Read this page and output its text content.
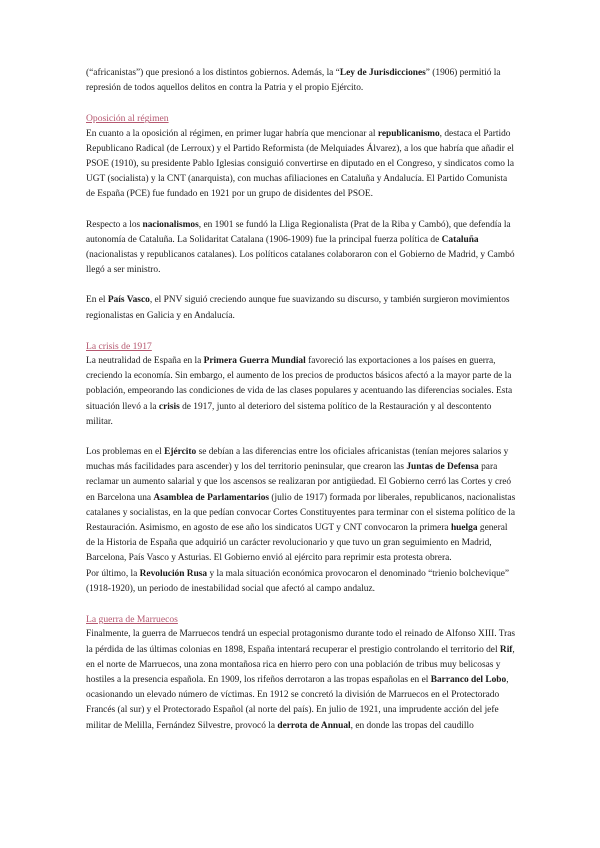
(“africanistas”) que presionó a los distintos gobiernos. Además, la “Ley de Jurisdicciones” (1906) permitió la represión de todos aquellos delitos en contra la Patria y el propio Ejército.

Oposición al régimen

En cuanto a la oposición al régimen, en primer lugar habría que mencionar al republicanismo, destaca el Partido Republicano Radical (de Lerroux) y el Partido Reformista (de Melquiades Álvarez), a los que habría que añadir el PSOE (1910), su presidente Pablo Iglesias consiguió convertirse en diputado en el Congreso, y sindicatos como la UGT (socialista) y la CNT (anarquista), con muchas afiliaciones en Cataluña y Andalucía. El Partido Comunista de España (PCE) fue fundado en 1921 por un grupo de disidentes del PSOE.

Respecto a los nacionalismos, en 1901 se fundó la Lliga Regionalista (Prat de la Riba y Cambó), que defendía la autonomía de Cataluña. La Solidaritat Catalana (1906-1909) fue la principal fuerza política de Cataluña (nacionalistas y republicanos catalanes). Los políticos catalanes colaboraron con el Gobierno de Madrid, y Cambó llegó a ser ministro.

En el País Vasco, el PNV siguió creciendo aunque fue suavizando su discurso, y también surgieron movimientos regionalistas en Galicia y en Andalucía.

La crisis de 1917

La neutralidad de España en la Primera Guerra Mundial favoreció las exportaciones a los países en guerra, creciendo la economía. Sin embargo, el aumento de los precios de productos básicos afectó a la mayor parte de la población, empeorando las condiciones de vida de las clases populares y acentuando las diferencias sociales. Esta situación llevó a la crisis de 1917, junto al deterioro del sistema político de la Restauración y al descontento militar.

Los problemas en el Ejército se debían a las diferencias entre los oficiales africanistas (tenían mejores salarios y muchas más facilidades para ascender) y los del territorio peninsular, que crearon las Juntas de Defensa para reclamar un aumento salarial y que los ascensos se realizaran por antigüedad. El Gobierno cerró las Cortes y creó en Barcelona una Asamblea de Parlamentarios (julio de 1917) formada por liberales, republicanos, nacionalistas catalanes y socialistas, en la que pedían convocar Cortes Constituyentes para terminar con el sistema político de la Restauración. Asimismo, en agosto de ese año los sindicatos UGT y CNT convocaron la primera huelga general de la Historia de España que adquirió un carácter revolucionario y que tuvo un gran seguimiento en Madrid, Barcelona, País Vasco y Asturias. El Gobierno envió al ejército para reprimir esta protesta obrera.
Por último, la Revolución Rusa y la mala situación económica provocaron el denominado “trienio bolchevique” (1918-1920), un periodo de inestabilidad social que afectó al campo andaluz.

La guerra de Marruecos

Finalmente, la guerra de Marruecos tendrá un especial protagonismo durante todo el reinado de Alfonso XIII. Tras la pérdida de las últimas colonias en 1898, España intentará recuperar el prestigio controlando el territorio del Rif, en el norte de Marruecos, una zona montañosa rica en hierro pero con una población de tribus muy belicosas y hostiles a la presencia española. En 1909, los rifeños derrotaron a las tropas españolas en el Barranco del Lobo, ocasionando un elevado número de víctimas. En 1912 se concretó la división de Marruecos en el Protectorado Francés (al sur) y el Protectorado Español (al norte del país). En julio de 1921, una imprudente acción del jefe militar de Melilla, Fernández Silvestre, provocó la derrota de Annual, en donde las tropas del caudillo
